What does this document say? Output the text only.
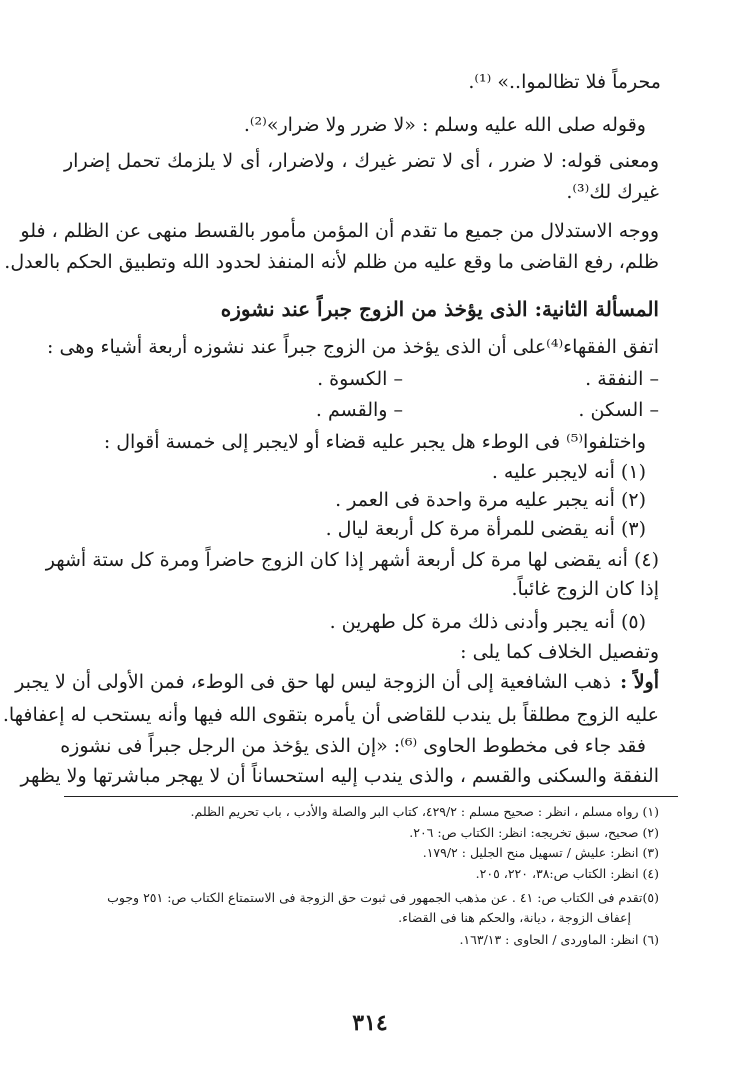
محرماً فلا تظالموا..» ⁽¹⁾.
وقوله صلى الله عليه وسلم : «لا ضرر ولا ضرار»⁽²⁾.
ومعنى قوله: لا ضرر ، أى لا تضر غيرك ، ولاضرار، أى لا يلزمك تحمل إضرار
غيرك لك⁽³⁾.
ووجه الاستدلال من جميع ما تقدم أن المؤمن مأمور بالقسط منهى عن الظلم ، فلو
ظلم، رفع القاضى ما وقع عليه من ظلم لأنه المنفذ لحدود الله وتطبيق الحكم بالعدل.
المسألة الثانية: الذى يؤخذ من الزوج جبراً عند نشوزه
اتفق الفقهاء⁽⁴⁾على أن الذى يؤخذ من الزوج جبراً عند نشوزه أربعة أشياء وهى :
– النفقة .
– الكسوة .
– السكن .
– والقسم .
واختلفوا⁽⁵⁾ فى الوطء هل يجبر عليه قضاء أو لايجبر إلى خمسة أقوال :
(١) أنه لايجبر عليه .
(٢) أنه يجبر عليه مرة واحدة فى العمر .
(٣) أنه يقضى للمرأة مرة كل أربعة ليال .
(٤) أنه يقضى لها مرة كل أربعة أشهر إذا كان الزوج حاضراً ومرة كل ستة أشهر
إذا كان الزوج غائباً.
(٥) أنه يجبر وأدنى ذلك مرة كل طهرين .
وتفصيل الخلاف كما يلى :
أولاً :
ذهب الشافعية إلى أن الزوجة ليس لها حق فى الوطء، فمن الأولى أن لا يجبر
عليه الزوج مطلقاً بل يندب للقاضى أن يأمره بتقوى الله فيها وأنه يستحب له إعفافها.
فقد جاء فى مخطوط الحاوى ⁽⁶⁾: «إن الذى يؤخذ من الرجل جبراً فى نشوزه
النفقة والسكنى والقسم ، والذى يندب إليه استحساناً أن لا يهجر مباشرتها ولا يظهر
(١) رواه مسلم ، انظر : صحيح مسلم : ٤٢٩/٢، كتاب البر والصلة والأدب ، باب تحريم الظلم.
(٢) صحيح، سبق تخريجه: انظر: الكتاب ص: ٢٠٦.
(٣) انظر: عليش / تسهيل منح الجليل : ١٧٩/٢.
(٤) انظر: الكتاب ص:٣٨، ٢٢٠، ٢٠٥.
(٥)تقدم فى الكتاب ص: ٤١ . عن مذهب الجمهور فى ثبوت حق الزوجة فى الاستمتاع الكتاب ص: ٢٥١ وجوب
إعفاف الزوجة ، ديانة، والحكم هنا فى القضاء.
(٦) انظر: الماوردى / الحاوى : ١٦٣/١٣.
٣١٤
